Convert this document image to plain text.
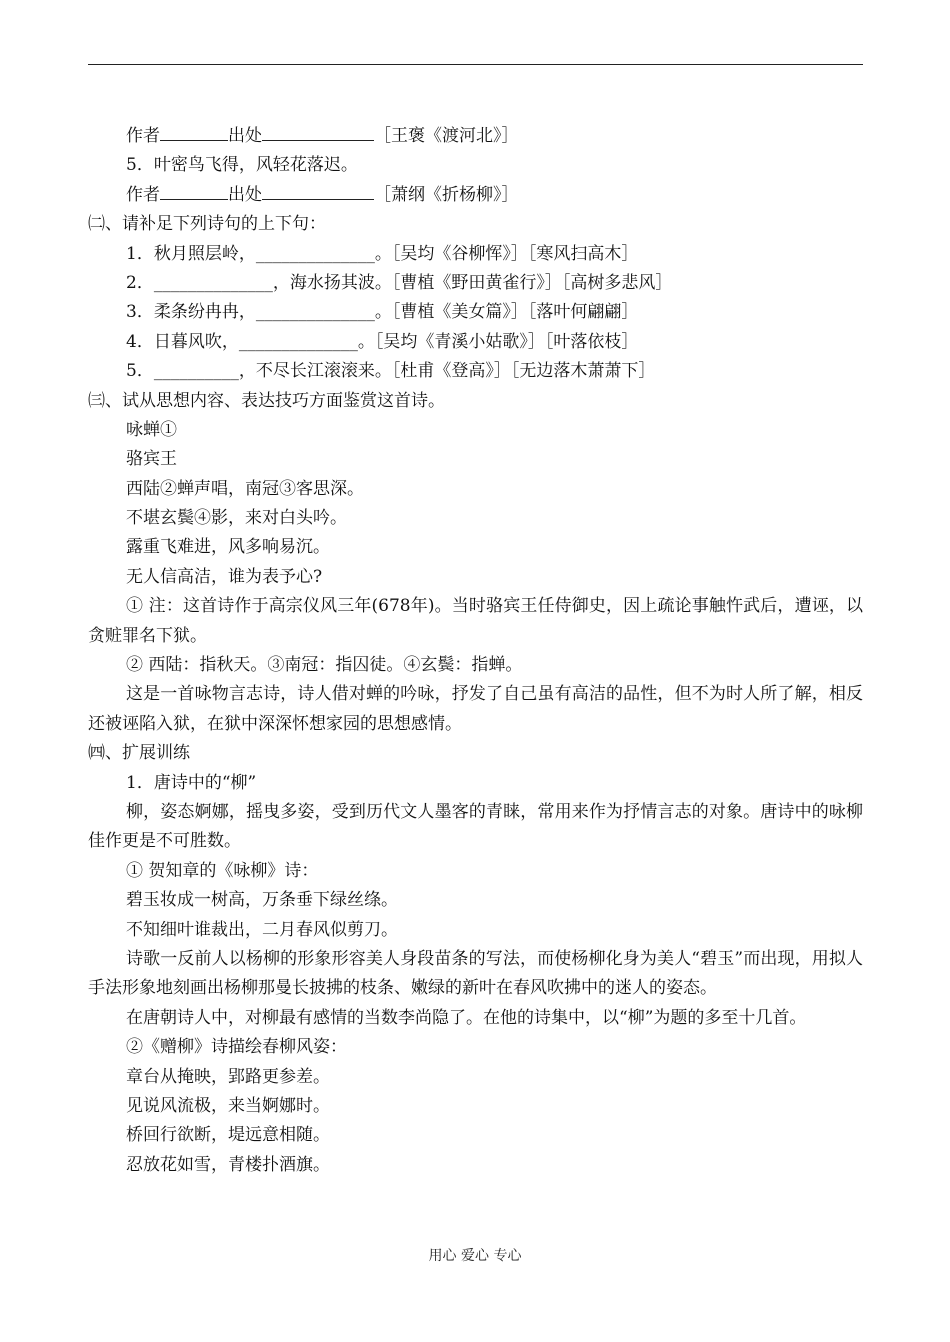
作者	出处	［王褒《渡河北》］
5．叶密鸟飞得，风轻花落迟。
作者	出处	［萧纲《折杨柳》］
㈡、请补足下列诗句的上下句：
1．秋月照层岭，______________。［吴均《谷柳恽》］［寒风扫高木］
2．______________，海水扬其波。［曹植《野田黄雀行》］［高树多悲风］
3．柔条纷冉冉，______________。［曹植《美女篇》］［落叶何翩翩］
4．日暮风吹，______________。［吴均《青溪小姑歌》］［叶落依枝］
5．__________，不尽长江滚滚来。［杜甫《登高》］［无边落木萧萧下］
㈢、试从思想内容、表达技巧方面鉴赏这首诗。
咏蝉①
骆宾王
西陆②蝉声唱，南冠③客思深。
不堪玄鬓④影，来对白头吟。
露重飞难进，风多响易沉。
无人信高洁，谁为表予心?
① 注：这首诗作于高宗仪风三年(678年)。当时骆宾王任侍御史，因上疏论事触忤武后，遭诬，以贪赃罪名下狱。
② 西陆：指秋天。③南冠：指囚徒。④玄鬓：指蝉。
这是一首咏物言志诗，诗人借对蝉的吟咏，抒发了自己虽有高洁的品性，但不为时人所了解，相反还被诬陷入狱，在狱中深深怀想家园的思想感情。
㈣、扩展训练
1．唐诗中的“柳”
柳，姿态婀娜，摇曳多姿，受到历代文人墨客的青睐，常用来作为抒情言志的对象。唐诗中的咏柳佳作更是不可胜数。
① 贺知章的《咏柳》诗：
碧玉妆成一树高，万条垂下绿丝绦。
不知细叶谁裁出，二月春风似剪刀。
诗歌一反前人以杨柳的形象形容美人身段苗条的写法，而使杨柳化身为美人“碧玉”而出现，用拟人手法形象地刻画出杨柳那曼长披拂的枝条、嫩绿的新叶在春风吹拂中的迷人的姿态。
在唐朝诗人中，对柳最有感情的当数李尚隐了。在他的诗集中，以“柳”为题的多至十几首。
②《赠柳》诗描绘春柳风姿：
章台从掩映，郢路更参差。
见说风流极，来当婀娜时。
桥回行欲断，堤远意相随。
忍放花如雪，青楼扑酒旗。
用心 爱心 专心
